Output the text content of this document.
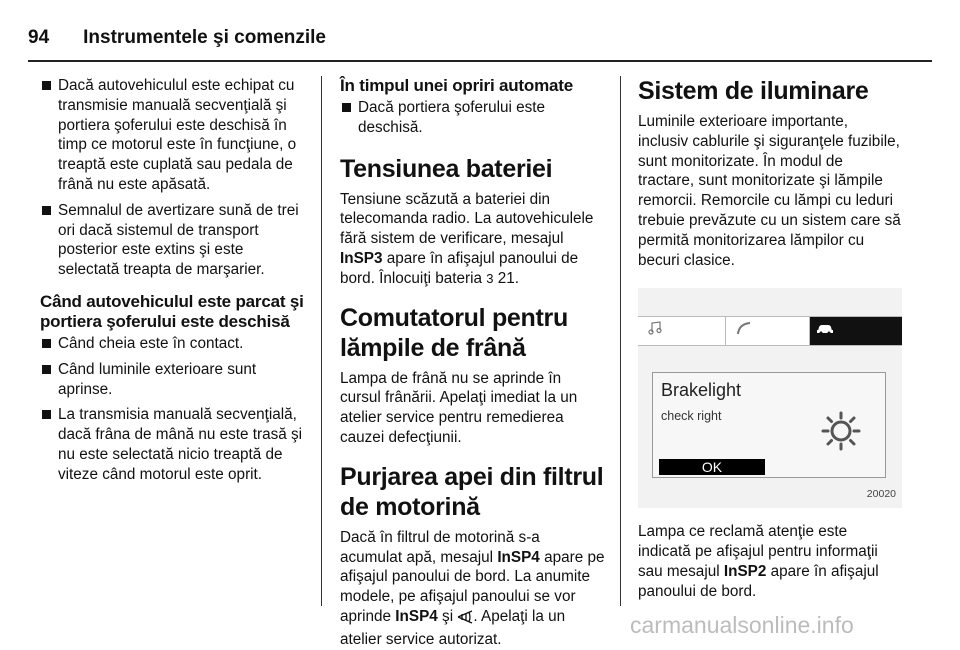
94 Instrumentele şi comenzile
Dacă autovehiculul este echipat cu transmisie manuală secvenţială şi portiera şoferului este deschisă în timp ce motorul este în funcţiune, o treaptă este cuplată sau pedala de frână nu este apăsată.
Semnalul de avertizare sună de trei ori dacă sistemul de transport posterior este extins şi este selectată treapta de marşarier.
Când autovehiculul este parcat şi portiera şoferului este deschisă
Când cheia este în contact.
Când luminile exterioare sunt aprinse.
La transmisia manuală secvenţială, dacă frâna de mână nu este trasă şi nu este selectată nicio treaptă de viteze când motorul este oprit.
În timpul unei opriri automate
Dacă portiera şoferului este deschisă.
Tensiunea bateriei

Tensiune scăzută a bateriei din telecomanda radio. La autovehiculele fără sistem de verificare, mesajul InSP3 apare în afişajul panoului de bord. Înlocuiţi bateria 3 21.

Comutatorul pentru lămpile de frână

Lampa de frână nu se aprinde în cursul frânării. Apelaţi imediat la un atelier service pentru remedierea cauzei defecţiunii.

Purjarea apei din filtrul de motorină

Dacă în filtrul de motorină s-a acumulat apă, mesajul InSP4 apare pe afişajul panoului de bord. La anumite modele, pe afişajul panoului se vor aprinde InSP4 şi . Apelaţi la un atelier service autorizat.

Sistem de iluminare

Luminile exterioare importante, inclusiv cablurile şi siguranţele fuzibile, sunt monitorizate. În modul de tractare, sunt monitorizate şi lămpile remorcii. Remorcile cu lămpi cu leduri trebuie prevăzute cu un sistem care să permită monitorizarea lămpilor cu becuri clasice.

Brakelight
check right
OK
20020

Lampa ce reclamă atenţie este indicată pe afişajul pentru informaţii sau mesajul InSP2 apare în afişajul panoului de bord.

carmanualsonline.info
